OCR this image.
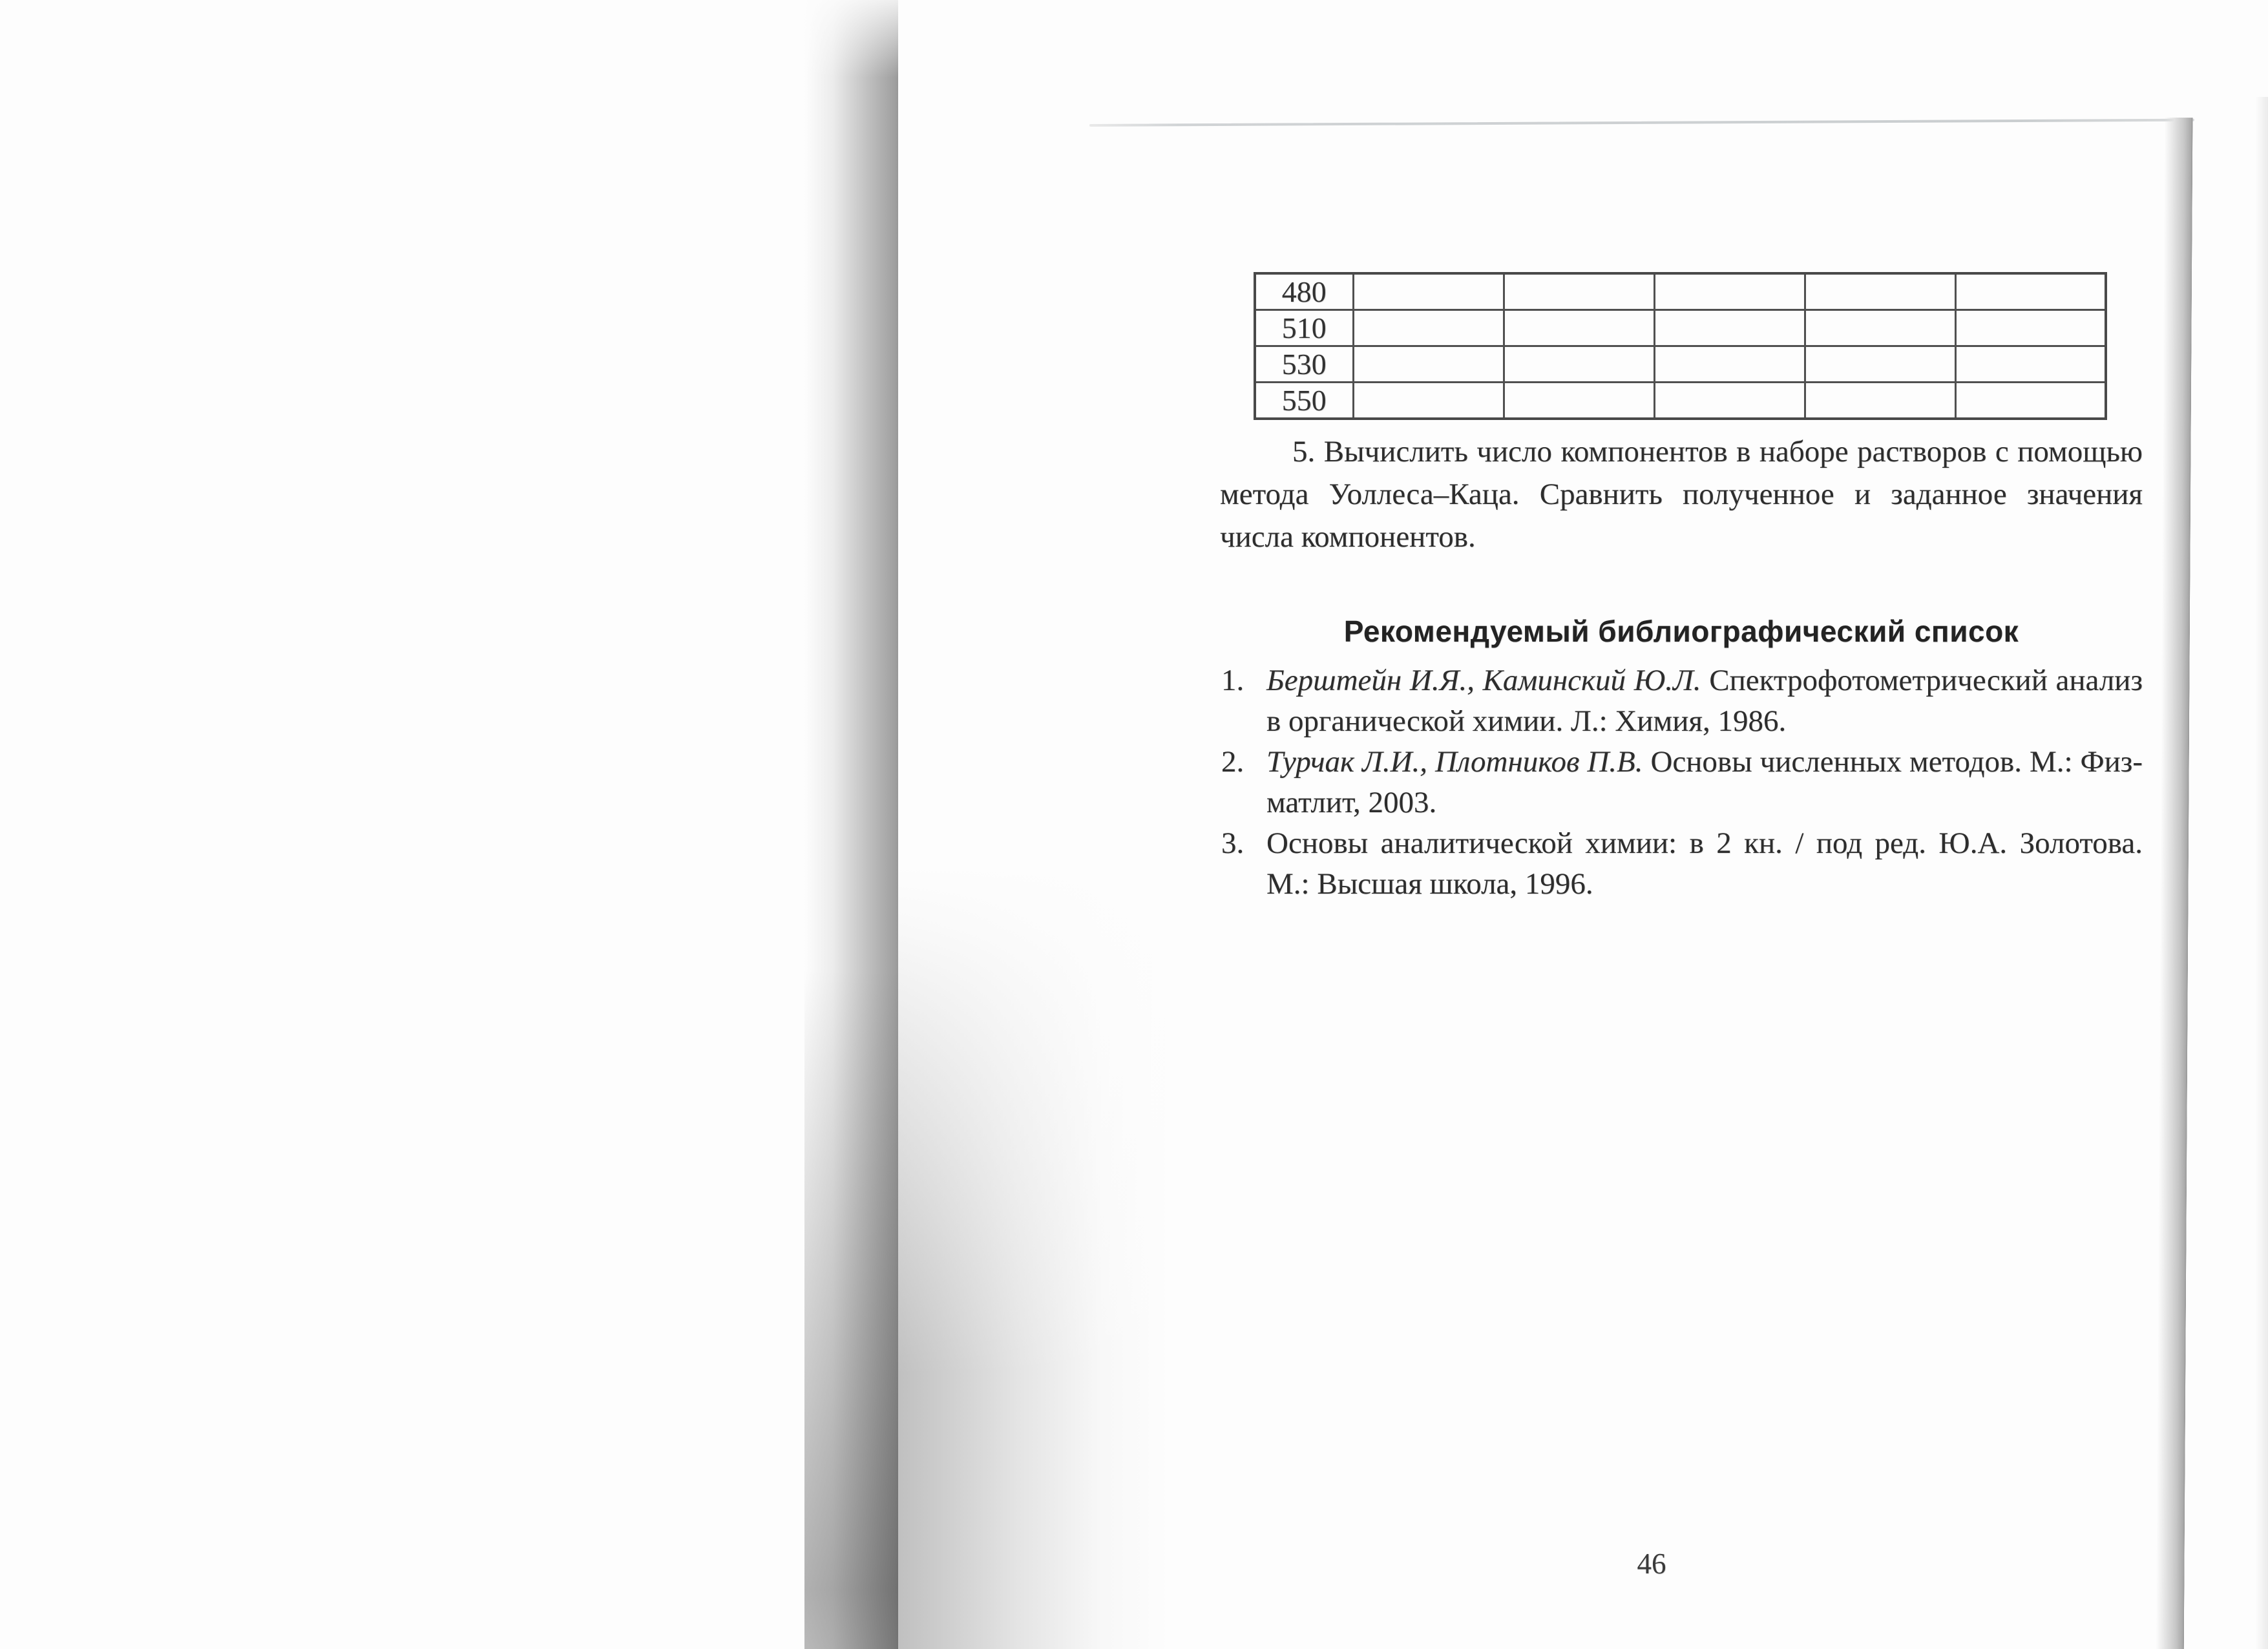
480					
510					
530					
550					

5. Вычислить число компонентов в наборе растворов с помощью метода Уоллеса–Каца. Сравнить полученное и заданное значения числа компонентов.

Рекомендуемый библиографический список
1. Берштейн И.Я., Каминский Ю.Л. Спектрофотометрический анализ в органической химии. Л.: Химия, 1986.
2. Турчак Л.И., Плотников П.В. Основы численных методов. М.: Физматлит, 2003.
3. Основы аналитической химии: в 2 кн. / под ред. Ю.А. Золотова. М.: Высшая школа, 1996.
46
